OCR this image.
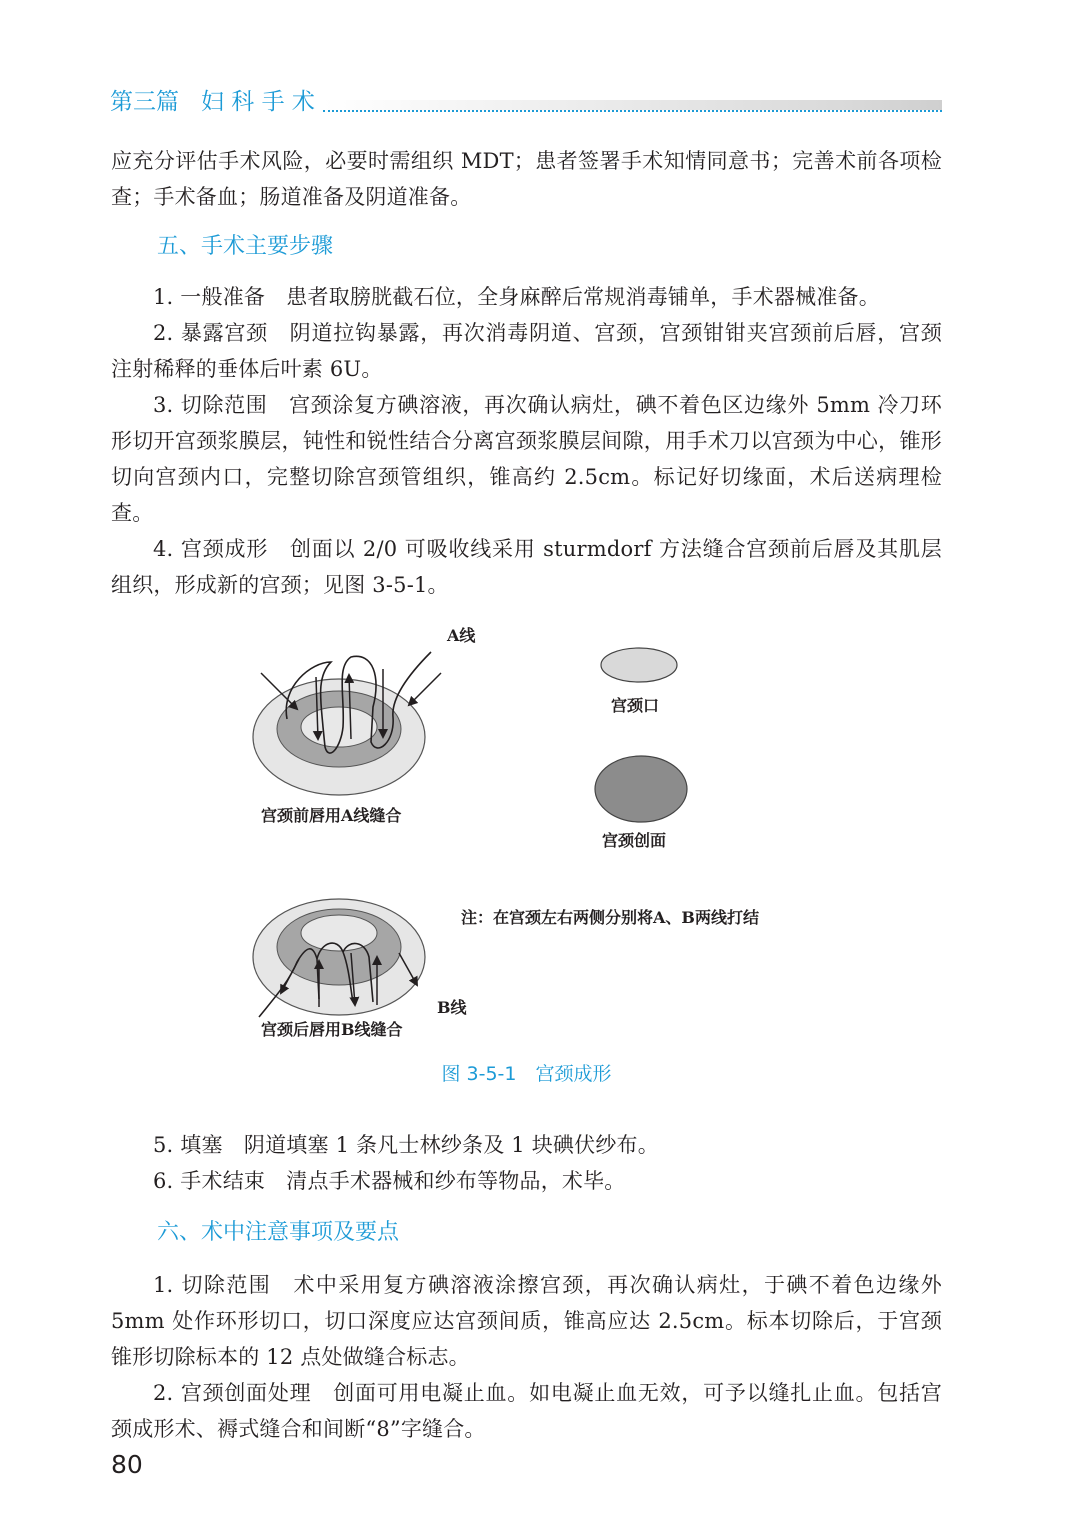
第三篇 妇 科 手 术

应充分评估手术风险，必要时需组织 MDT；患者签署手术知情同意书；完善术前各项检查；手术备血；肠道准备及阴道准备。

五、手术主要步骤

1. 一般准备　患者取膀胱截石位，全身麻醉后常规消毒铺单，手术器械准备。

2. 暴露宫颈　阴道拉钩暴露，再次消毒阴道、宫颈，宫颈钳钳夹宫颈前后唇，宫颈注射稀释的垂体后叶素 6U。

3. 切除范围　宫颈涂复方碘溶液，再次确认病灶，碘不着色区边缘外 5mm 冷刀环形切开宫颈浆膜层，钝性和锐性结合分离宫颈浆膜层间隙，用手术刀以宫颈为中心，锥形切向宫颈内口，完整切除宫颈管组织，锥高约 2.5cm。标记好切缘面，术后送病理检查。

4. 宫颈成形　创面以 2/0 可吸收线采用 sturmdorf 方法缝合宫颈前后唇及其肌层组织，形成新的宫颈；见图 3-5-1。

A线
宫颈口
宫颈前唇用A线缝合
宫颈创面
注：在宫颈左右两侧分别将A、B两线打结
B线
宫颈后唇用B线缝合
图 3-5-1　宫颈成形

5. 填塞　阴道填塞 1 条凡士林纱条及 1 块碘伏纱布。

6. 手术结束　清点手术器械和纱布等物品，术毕。

六、术中注意事项及要点

1. 切除范围　术中采用复方碘溶液涂擦宫颈，再次确认病灶，于碘不着色边缘外 5mm 处作环形切口，切口深度应达宫颈间质，锥高应达 2.5cm。标本切除后，于宫颈锥形切除标本的 12 点处做缝合标志。

2. 宫颈创面处理　创面可用电凝止血。如电凝止血无效，可予以缝扎止血。包括宫颈成形术、褥式缝合和间断“8”字缝合。

80
